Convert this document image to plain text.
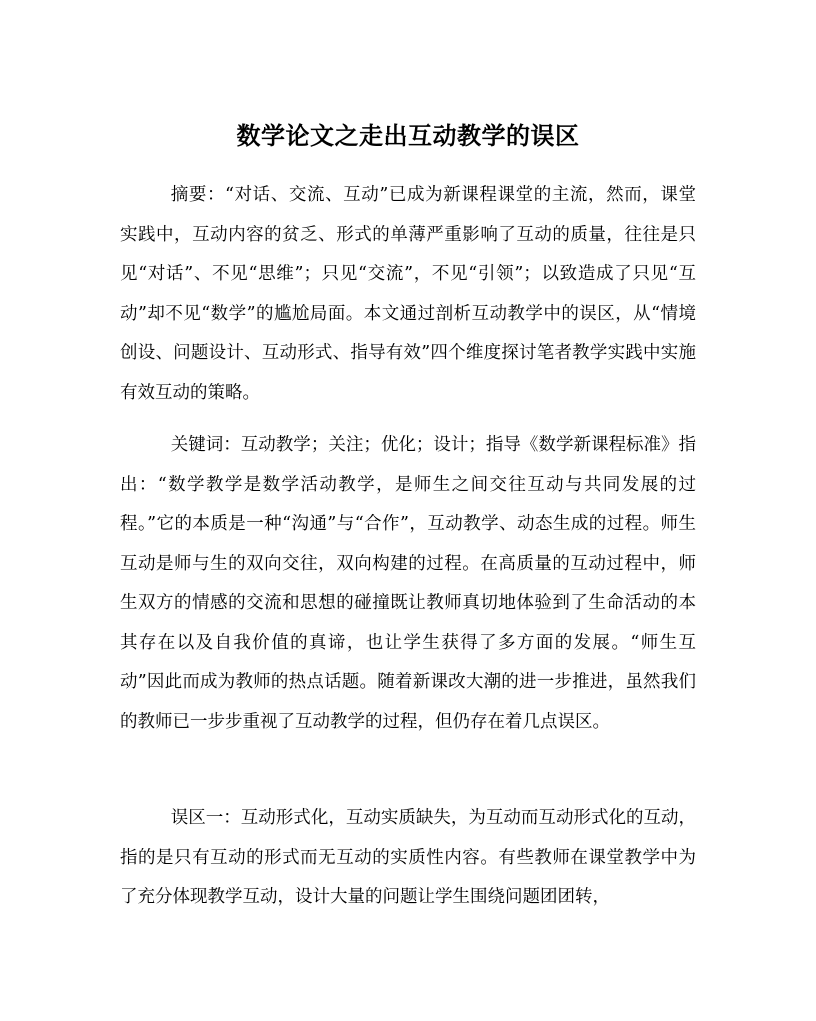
数学论文之走出互动教学的误区

摘要：“对话、交流、互动”已成为新课程课堂的主流，然而，课堂实践中，互动内容的贫乏、形式的单薄严重影响了互动的质量，往往是只见“对话”、不见“思维”；只见“交流”，不见“引领”；以致造成了只见“互动”却不见“数学”的尴尬局面。本文通过剖析互动教学中的误区，从“情境创设、问题设计、互动形式、指导有效”四个维度探讨笔者教学实践中实施有效互动的策略。

关键词：互动教学；关注；优化；设计；指导《数学新课程标准》指出：“数学教学是数学活动教学，是师生之间交往互动与共同发展的过程。”它的本质是一种“沟通”与“合作”，互动教学、动态生成的过程。师生互动是师与生的双向交往，双向构建的过程。在高质量的互动过程中，师生双方的情感的交流和思想的碰撞既让教师真切地体验到了生命活动的本其存在以及自我价值的真谛，也让学生获得了多方面的发展。“师生互动”因此而成为教师的热点话题。随着新课改大潮的进一步推进，虽然我们的教师已一步步重视了互动教学的过程，但仍存在着几点误区。

误区一：互动形式化，互动实质缺失，为互动而互动形式化的互动，指的是只有互动的形式而无互动的实质性内容。有些教师在课堂教学中为了充分体现教学互动，设计大量的问题让学生围绕问题团团转，
